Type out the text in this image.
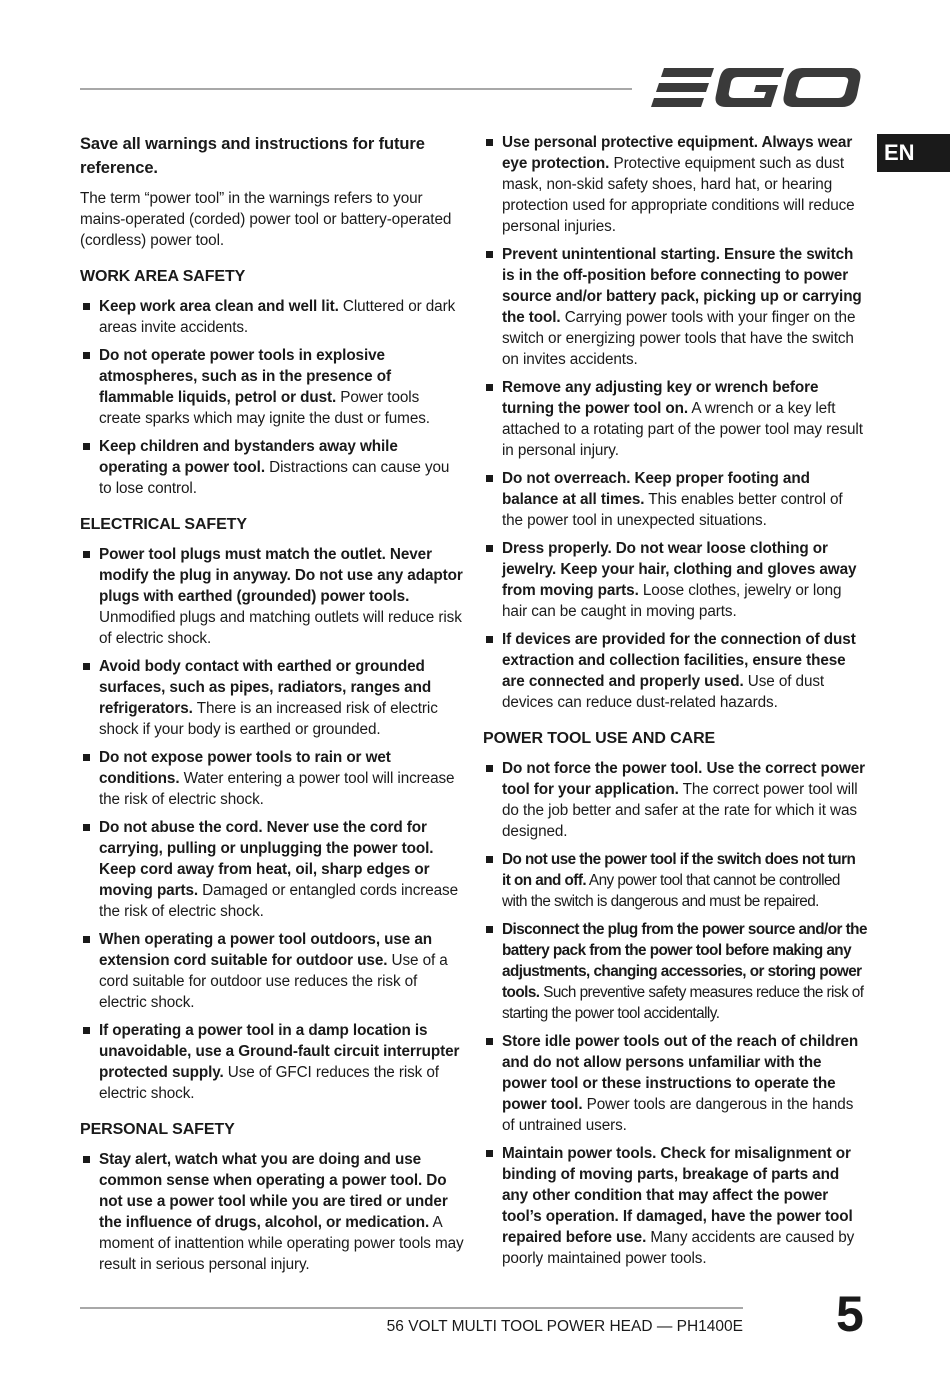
EN
Save all warnings and instructions for future reference.
The term “power tool” in the warnings refers to your mains-operated (corded) power tool or battery-operated (cordless) power tool.
WORK AREA SAFETY
Keep work area clean and well lit. Cluttered or dark areas invite accidents.
Do not operate power tools in explosive atmospheres, such as in the presence of flammable liquids, petrol or dust. Power tools create sparks which may ignite the dust or fumes.
Keep children and bystanders away while operating a power tool. Distractions can cause you to lose control.
ELECTRICAL SAFETY
Power tool plugs must match the outlet. Never modify the plug in anyway. Do not use any adaptor plugs with earthed (grounded) power tools. Unmodified plugs and matching outlets will reduce risk of electric shock.
Avoid body contact with earthed or grounded surfaces, such as pipes, radiators, ranges and refrigerators. There is an increased risk of electric shock if your body is earthed or grounded.
Do not expose power tools to rain or wet conditions. Water entering a power tool will increase the risk of electric shock.
Do not abuse the cord. Never use the cord for carrying, pulling or unplugging the power tool. Keep cord away from heat, oil, sharp edges or moving parts. Damaged or entangled cords increase the risk of electric shock.
When operating a power tool outdoors, use an extension cord suitable for outdoor use. Use of a cord suitable for outdoor use reduces the risk of electric shock.
If operating a power tool in a damp location is unavoidable, use a Ground-fault circuit interrupter protected supply. Use of GFCI reduces the risk of electric shock.
PERSONAL SAFETY
Stay alert, watch what you are doing and use common sense when operating a power tool. Do not use a power tool while you are tired or under the influence of drugs, alcohol, or medication. A moment of inattention while operating power tools may result in serious personal injury.
Use personal protective equipment. Always wear eye protection. Protective equipment such as dust mask, non-skid safety shoes, hard hat, or hearing protection used for appropriate conditions will reduce personal injuries.
Prevent unintentional starting. Ensure the switch is in the off-position before connecting to power source and/or battery pack, picking up or carrying the tool. Carrying power tools with your finger on the switch or energizing power tools that have the switch on invites accidents.
Remove any adjusting key or wrench before turning the power tool on. A wrench or a key left attached to a rotating part of the power tool may result in personal injury.
Do not overreach. Keep proper footing and balance at all times. This enables better control of the power tool in unexpected situations.
Dress properly. Do not wear loose clothing or jewelry. Keep your hair, clothing and gloves away from moving parts. Loose clothes, jewelry or long hair can be caught in moving parts.
If devices are provided for the connection of dust extraction and collection facilities, ensure these are connected and properly used. Use of dust devices can reduce dust-related hazards.
POWER TOOL USE AND CARE
Do not force the power tool. Use the correct power tool for your application. The correct power tool will do the job better and safer at the rate for which it was designed.
Do not use the power tool if the switch does not turn it on and off. Any power tool that cannot be controlled with the switch is dangerous and must be repaired.
Disconnect the plug from the power source and/or the battery pack from the power tool before making any adjustments, changing accessories, or storing power tools. Such preventive safety measures reduce the risk of starting the power tool accidentally.
Store idle power tools out of the reach of children and do not allow persons unfamiliar with the power tool or these instructions to operate the power tool. Power tools are dangerous in the hands of untrained users.
Maintain power tools. Check for misalignment or binding of moving parts, breakage of parts and any other condition that may affect the power tool’s operation. If damaged, have the power tool repaired before use. Many accidents are caused by poorly maintained power tools.
56 VOLT MULTI TOOL POWER HEAD — PH1400E 5
